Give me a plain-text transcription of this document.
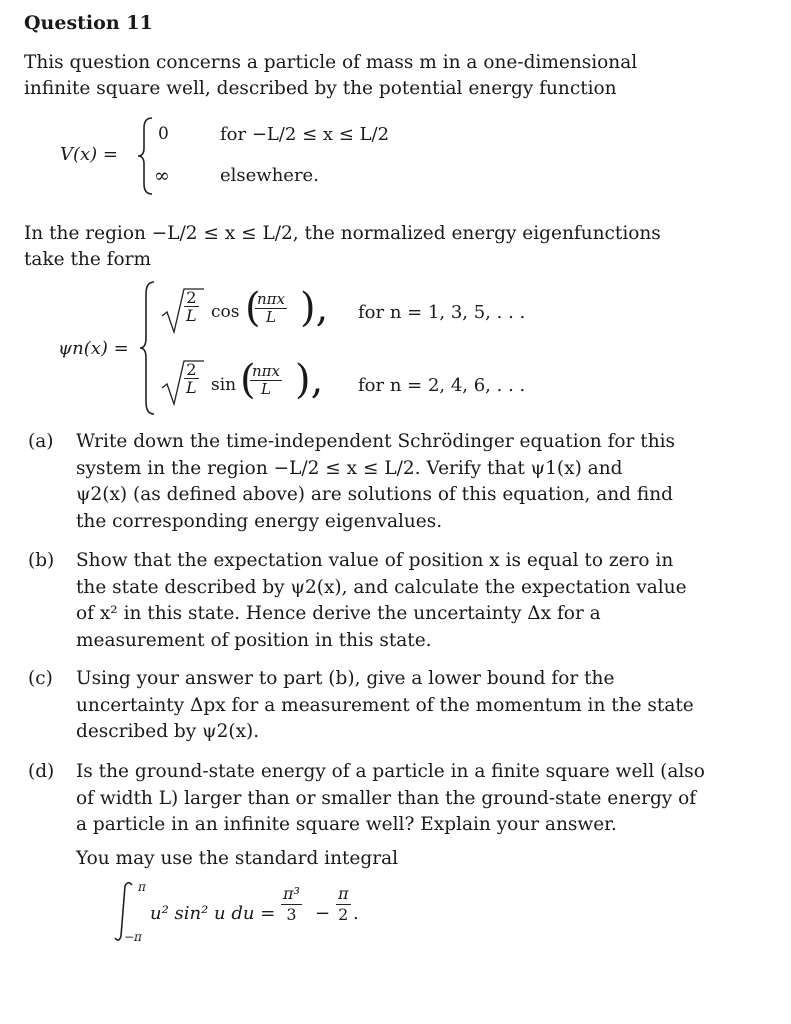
Question 11
This question concerns a particle of mass m in a one-dimensional
infinite square well, described by the potential energy function
V(x) =
0	for −L/2 ≤ x ≤ L/2
∞	elsewhere.
In the region −L/2 ≤ x ≤ L/2, the normalized energy eigenfunctions
take the form
ψn(x) =
$\frac{2}{L}$ cos (
nπx
L ), for n = 1, 3, 5, . . .
$\frac{2}{L}$ sin (
nπx
L ), for n = 2, 4, 6, . . .
(a) Write down the time-independent Schrödinger equation for this
system in the region −L/2 ≤ x ≤ L/2. Verify that ψ1(x) and
ψ2(x) (as defined above) are solutions of this equation, and find
the corresponding energy eigenvalues.
(b) Show that the expectation value of position x is equal to zero in
the state described by ψ2(x), and calculate the expectation value
of x² in this state. Hence derive the uncertainty Δx for a
measurement of position in this state.
(c) Using your answer to part (b), give a lower bound for the
uncertainty Δpx for a measurement of the momentum in the state
described by ψ2(x).
(d) Is the ground-state energy of a particle in a finite square well (also
of width L) larger than or smaller than the ground-state energy of
a particle in an infinite square well? Explain your answer.
You may use the standard integral
π
−π
u² sin² u du = $\frac{\text{π³}}{3} - \frac{\pi}{2}$ .
